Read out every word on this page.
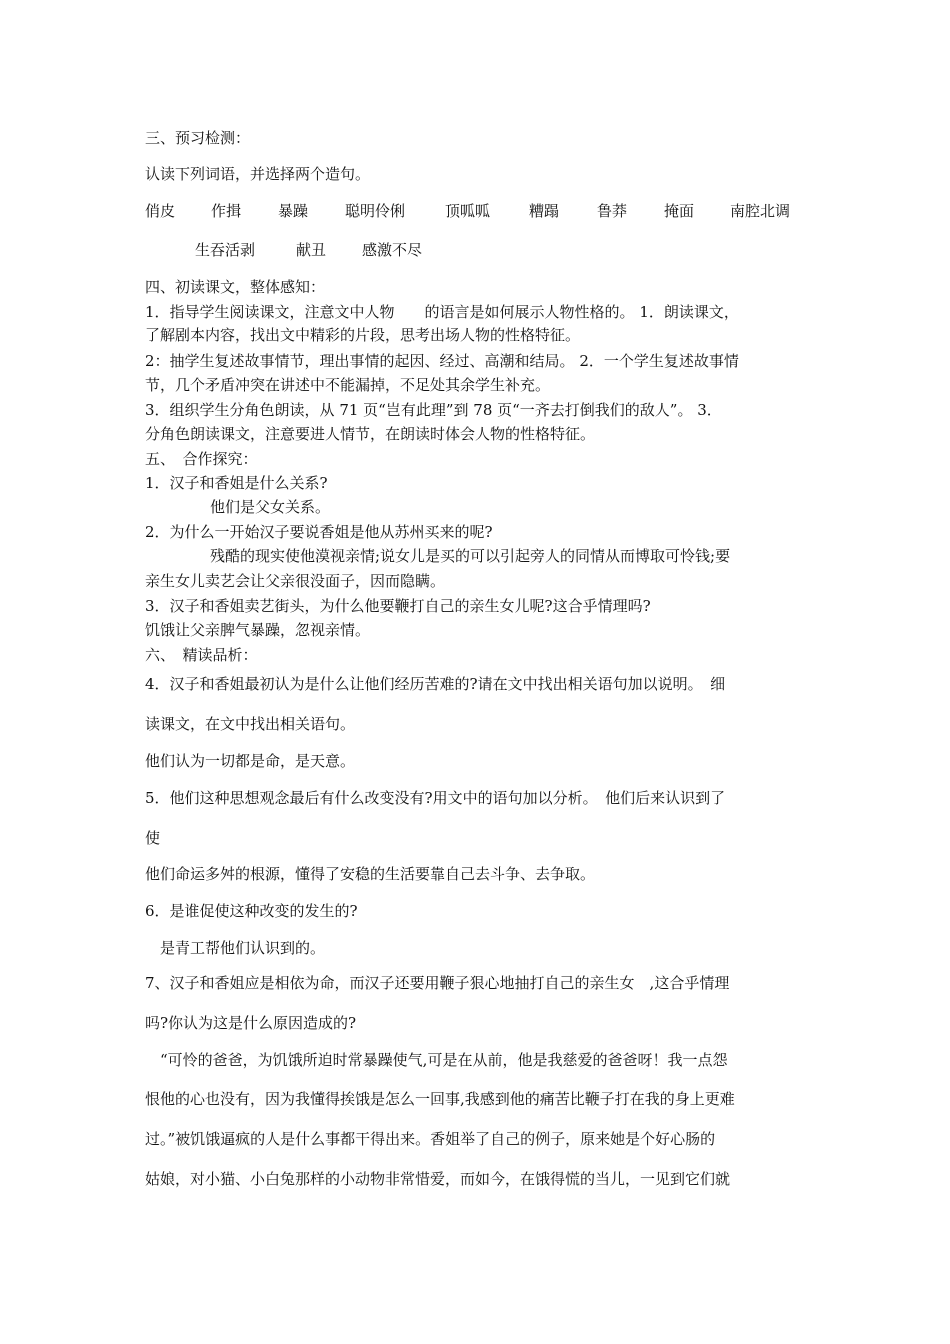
三、预习检测：
认读下列词语，并选择两个造句。
俏皮 作揖 暴躁 聪明伶俐	顶呱呱	糟蹋	鲁莽 掩面 南腔北调
生吞活剥	献丑 感激不尽
四、初读课文，整体感知：
1．指导学生阅读课文，注意文中人物　　的语言是如何展示人物性格的。 1．朗读课文，
了解剧本内容，找出文中精彩的片段，思考出场人物的性格特征。
2：抽学生复述故事情节，理出事情的起因、经过、高潮和结局。 2．一个学生复述故事情
节，几个矛盾冲突在讲述中不能漏掉，不足处其余学生补充。
3．组织学生分角色朗读，从 71 页“岂有此理”到 78 页“一齐去打倒我们的敌人”。 3．
分角色朗读课文，注意要进人情节，在朗读时体会人物的性格特征。
五、　合作探究：
1．汉子和香姐是什么关系?
他们是父女关系。
2．为什么一开始汉子要说香姐是他从苏州买来的呢?
残酷的现实使他漠视亲情;说女儿是买的可以引起旁人的同情从而博取可怜钱;要
亲生女儿卖艺会让父亲很没面子，因而隐瞒。
3．汉子和香姐卖艺街头，为什么他要鞭打自己的亲生女儿呢?这合乎情理吗?
饥饿让父亲脾气暴躁，忽视亲情。
六、　精读品析：
4．汉子和香姐最初认为是什么让他们经历苦难的?请在文中找出相关语句加以说明。　细
读课文，在文中找出相关语句。
他们认为一切都是命，是天意。
5．他们这种思想观念最后有什么改变没有?用文中的语句加以分析。　他们后来认识到了
使
他们命运多舛的根源，懂得了安稳的生活要靠自己去斗争、去争取。
6．是谁促使这种改变的发生的?
是青工帮他们认识到的。
7、汉子和香姐应是相依为命，而汉子还要用鞭子狠心地抽打自己的亲生女　,这合乎情理
吗?你认为这是什么原因造成的?
“可怜的爸爸，为饥饿所迫时常暴躁使气,可是在从前，他是我慈爱的爸爸呀！我一点怨
恨他的心也没有，因为我懂得挨饿是怎么一回事,我感到他的痛苦比鞭子打在我的身上更难
过。”被饥饿逼疯的人是什么事都干得出来。香姐举了自己的例子，原来她是个好心肠的
姑娘，对小猫、小白兔那样的小动物非常惜爱，而如今，在饿得慌的当儿，一见到它们就
